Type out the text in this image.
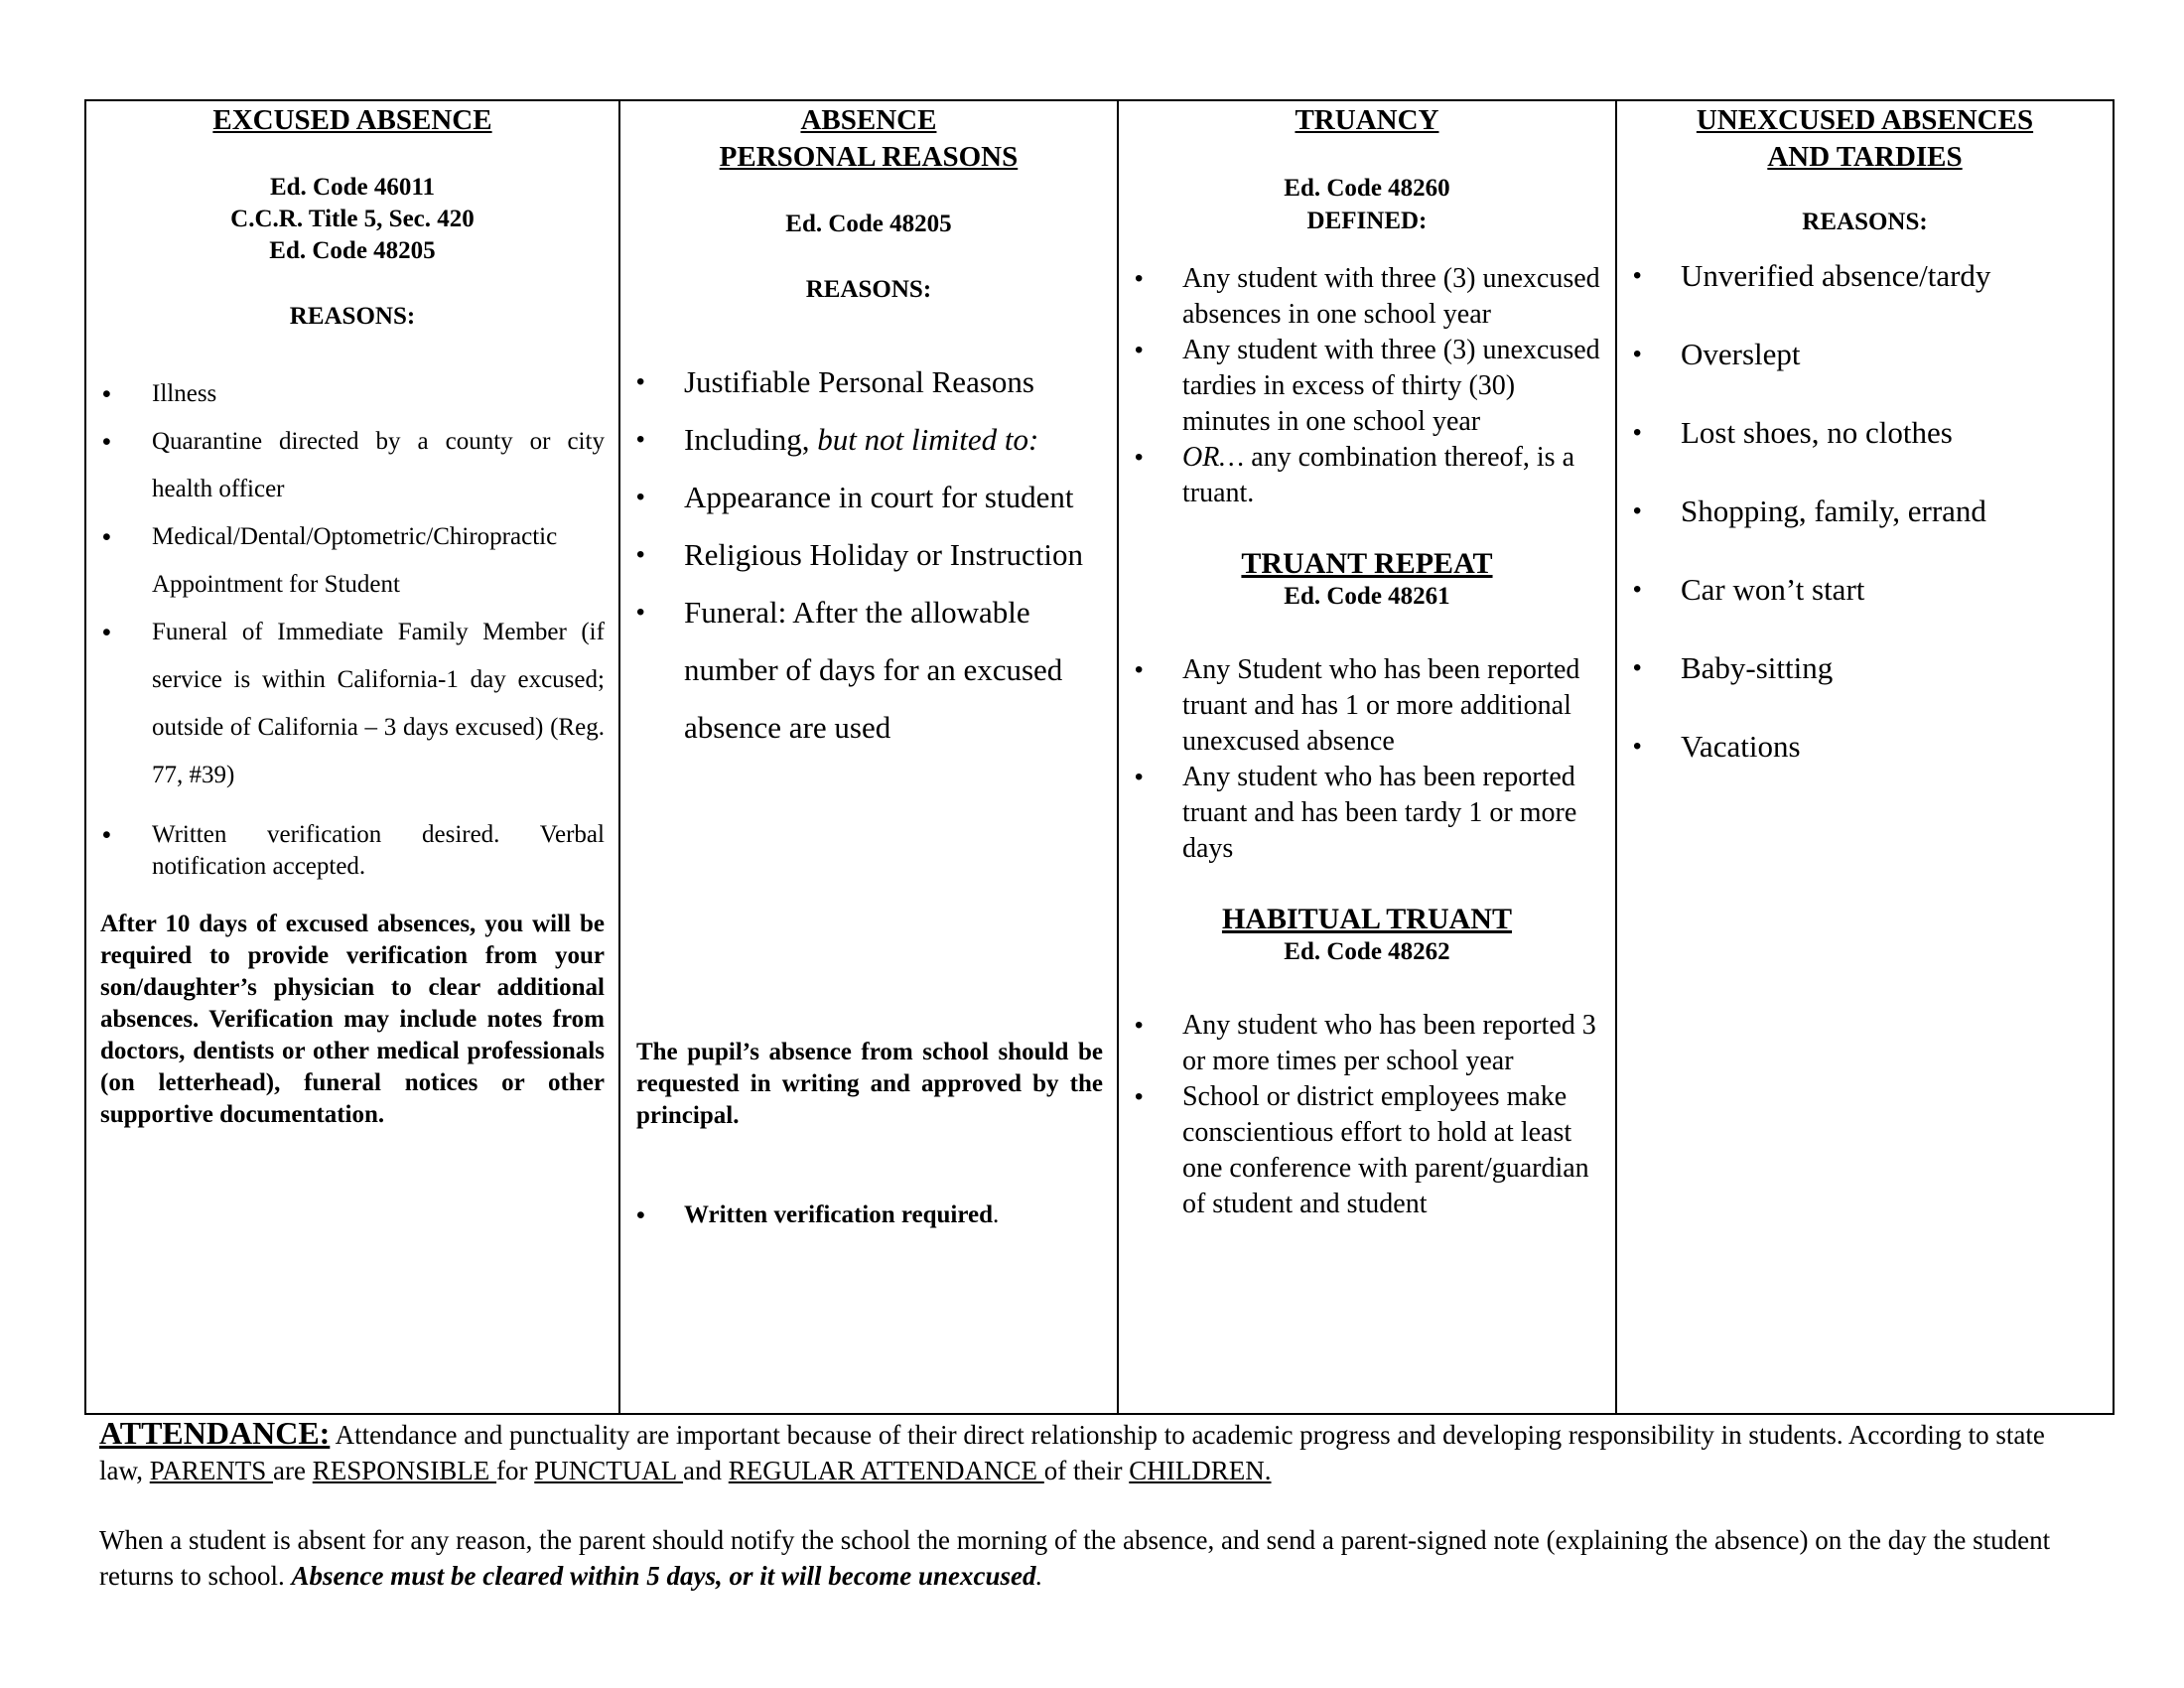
EXCUSED ABSENCE
Ed. Code 46011
C.C.R. Title 5, Sec. 420
Ed. Code 48205
REASONS:
• Illness
• Quarantine directed by a county or city health officer
• Medical/Dental/Optometric/Chiropractic Appointment for Student
• Funeral of Immediate Family Member (if service is within California-1 day excused; outside of California – 3 days excused) (Reg. 77, #39)
• Written verification desired. Verbal notification accepted.
After 10 days of excused absences, you will be required to provide verification from your son/daughter’s physician to clear additional absences. Verification may include notes from doctors, dentists or other medical professionals (on letterhead), funeral notices or other supportive documentation.
ABSENCE
PERSONAL REASONS
Ed. Code 48205
REASONS:
• Justifiable Personal Reasons
• Including, but not limited to:
• Appearance in court for student
• Religious Holiday or Instruction
• Funeral: After the allowable number of days for an excused absence are used
The pupil’s absence from school should be requested in writing and approved by the principal.
• Written verification required.
TRUANCY
Ed. Code 48260
DEFINED:
• Any student with three (3) unexcused absences in one school year
• Any student with three (3) unexcused tardies in excess of thirty (30) minutes in one school year
• OR… any combination thereof, is a truant.
TRUANT REPEAT
Ed. Code 48261
• Any Student who has been reported truant and has 1 or more additional unexcused absence
• Any student who has been reported truant and has been tardy 1 or more days
HABITUAL TRUANT
Ed. Code 48262
• Any student who has been reported 3 or more times per school year
• School or district employees make conscientious effort to hold at least one conference with parent/guardian of student and student
UNEXCUSED ABSENCES
AND TARDIES
REASONS:
• Unverified absence/tardy
• Overslept
• Lost shoes, no clothes
• Shopping, family, errand
• Car won’t start
• Baby-sitting
• Vacations
ATTENDANCE: Attendance and punctuality are important because of their direct relationship to academic progress and developing responsibility in students. According to state law, PARENTS are RESPONSIBLE for PUNCTUAL and REGULAR ATTENDANCE of their CHILDREN.
When a student is absent for any reason, the parent should notify the school the morning of the absence, and send a parent-signed note (explaining the absence) on the day the student returns to school. Absence must be cleared within 5 days, or it will become unexcused.
